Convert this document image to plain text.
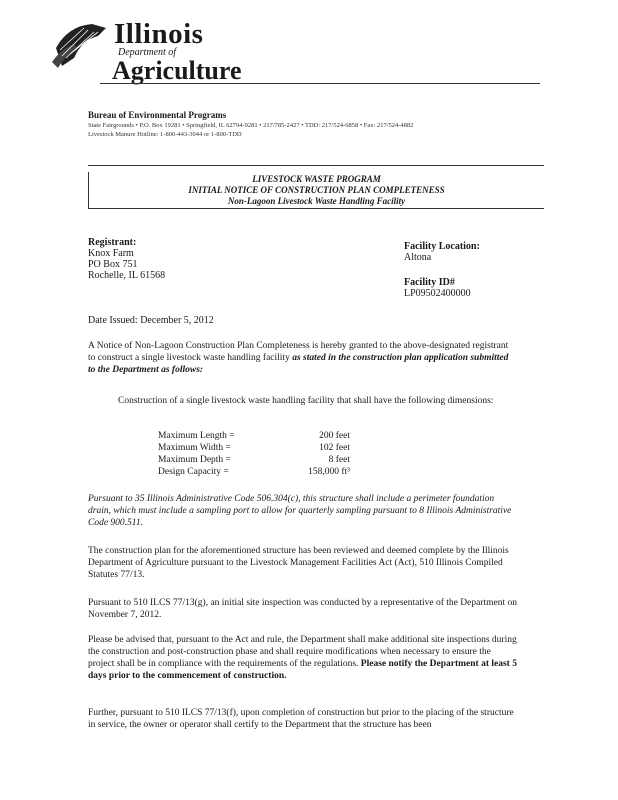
Illinois
Department of
Agriculture
Bureau of Environmental Programs
State Fairgrounds • P.O. Box 19281 • Springfield, IL 62794-9281 • 217/785-2427 • TDD: 217/524-6858 • Fax: 217/524-4882
Livestock Manure Hotline: 1-800-443-3044 or 1-800-TDD
LIVESTOCK WASTE PROGRAM
INITIAL NOTICE OF CONSTRUCTION PLAN COMPLETENESS
Non-Lagoon Livestock Waste Handling Facility
Registrant:
Knox Farm
PO Box 751
Rochelle, IL 61568
Facility Location:
Altona
Facility ID#
LP09502400000
Date Issued: December 5, 2012
A Notice of Non-Lagoon Construction Plan Completeness is hereby granted to the above-designated registrant to construct a single livestock waste handling facility as stated in the construction plan application submitted to the Department as follows:
Construction of a single livestock waste handling facility that shall have the following dimensions:
Maximum Length =	200 feet
Maximum Width =	102 feet
Maximum Depth =	8 feet
Design Capacity =	158,000 ft³
Pursuant to 35 Illinois Administrative Code 506.304(c), this structure shall include a perimeter foundation drain, which must include a sampling port to allow for quarterly sampling pursuant to 8 Illinois Administrative Code 900.511.
The construction plan for the aforementioned structure has been reviewed and deemed complete by the Illinois Department of Agriculture pursuant to the Livestock Management Facilities Act (Act), 510 Illinois Compiled Statutes 77/13.
Pursuant to 510 ILCS 77/13(g), an initial site inspection was conducted by a representative of the Department on November 7, 2012.
Please be advised that, pursuant to the Act and rule, the Department shall make additional site inspections during the construction and post-construction phase and shall require modifications when necessary to ensure the project shall be in compliance with the requirements of the regulations. Please notify the Department at least 5 days prior to the commencement of construction.
Further, pursuant to 510 ILCS 77/13(f), upon completion of construction but prior to the placing of the structure in service, the owner or operator shall certify to the Department that the structure has been
